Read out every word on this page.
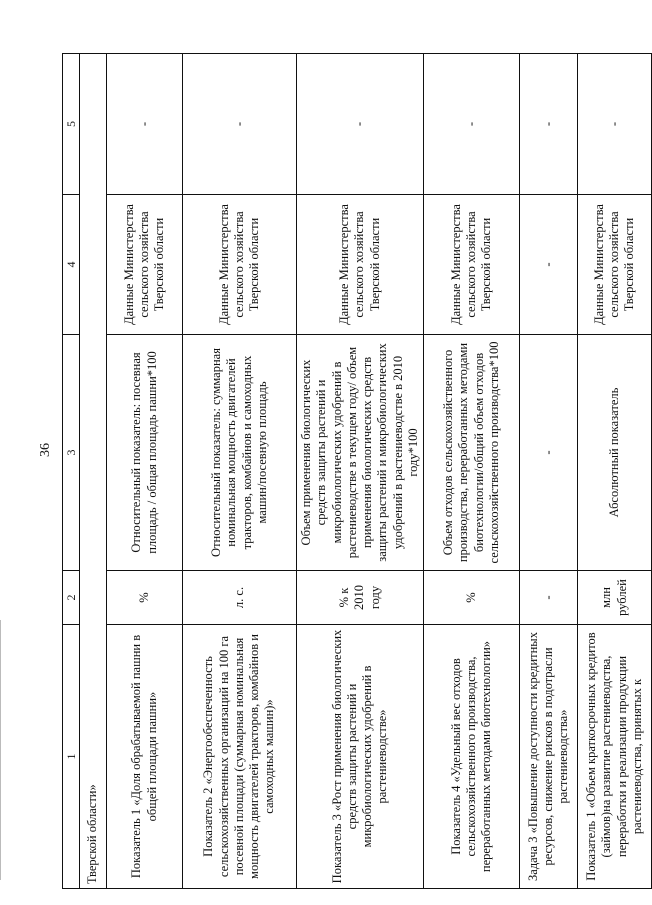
36
1	2	3	4	5
Тверской области»				
Показатель 1 «Доля обрабатываемой пашни в общей площади пашни»	%	Относительный показатель: посевная площадь / общая площадь пашни*100	Данные Министерства сельского хозяйства Тверской области	-
Показатель 2 «Энергообеспеченность сельскохозяйственных организаций на 100 га посевной площади (суммарная номинальная мощность двигателей тракторов, комбайнов и самоходных машин)»	л. с.	Относительный показатель: суммарная номинальная мощность двигателей тракторов, комбайнов и самоходных машин/посевную площадь	Данные Министерства сельского хозяйства Тверской области	-
Показатель 3 «Рост применения биологических средств защиты растений и микробиологических удобрений в растениеводстве»	% к 2010 году	Объем применения биологических средств защиты растений и микробиологических удобрений в растениеводстве в текущем году/ объем применения биологических средств защиты растений и микробиологических удобрений в растениеводстве в 2010 году*100	Данные Министерства сельского хозяйства Тверской области	-
Показатель 4 «Удельный вес отходов сельскохозяйственного производства, переработанных методами биотехнологии»	%	Объем отходов сельскохозяйственного производства, переработанных методами биотехнологии/общий объем отходов сельскохозяйственного производства*100	Данные Министерства сельского хозяйства Тверской области	-
Задача 3 «Повышение доступности кредитных ресурсов, снижение рисков в подотрасли растениеводства»	-	-	-	-
Показатель 1 «Объем краткосрочных кредитов (займов)на развитие растениеводства, переработки и реализации продукции растениеводства, принятых к	млн рублей	Абсолютный показатель	Данные Министерства сельского хозяйства Тверской области	-
